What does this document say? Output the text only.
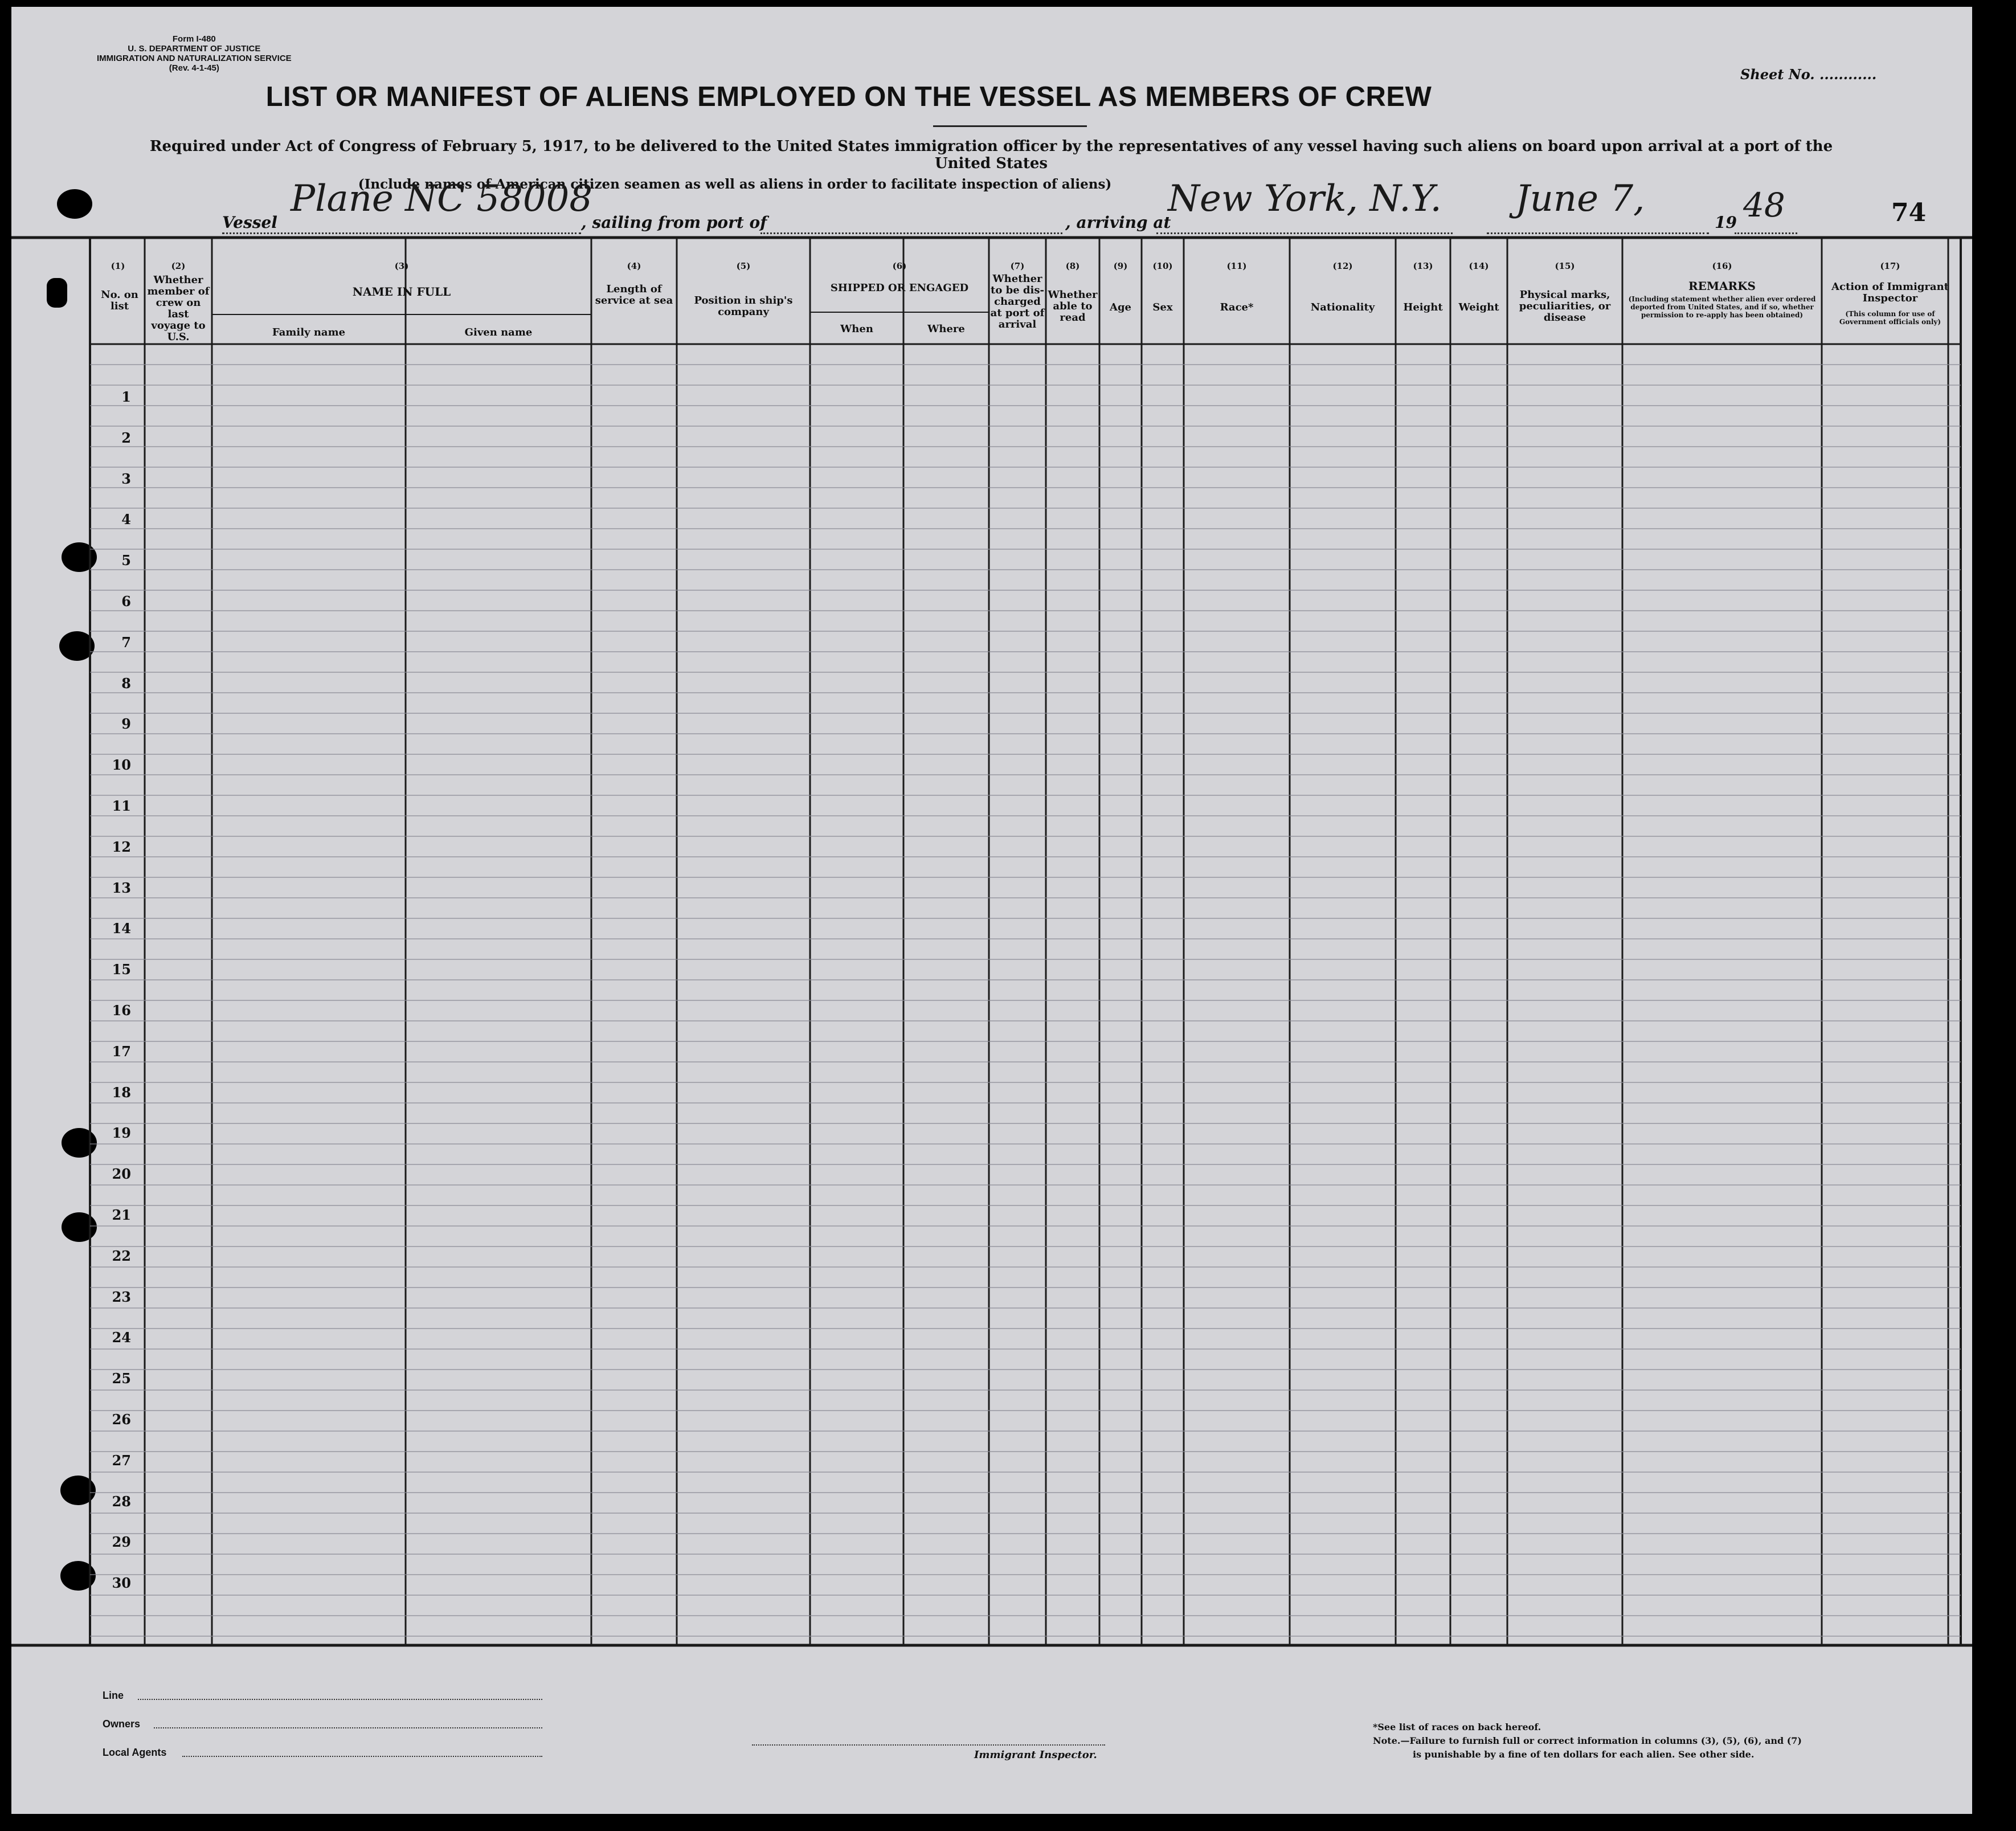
Form I-480
U. S. DEPARTMENT OF JUSTICE
IMMIGRATION AND NATURALIZATION SERVICE
(Rev. 4-1-45)	Sheet No. ............
LIST OR MANIFEST OF ALIENS EMPLOYED ON THE VESSEL AS MEMBERS OF CREW
Required under Act of Congress of February 5, 1917, to be delivered to the United States immigration officer by the representatives of any vessel having such aliens on board upon arrival at a port of the United States
(Include names of American citizen seamen as well as aliens in order to facilitate inspection of aliens)
Vessel
Plane NC 58008
, sailing from port of	, arriving at
New York, N.Y. June 7,
19 48	74
(1)
No. on list
(2)
Whether member of crew on last voyage to U.S.
(3)
NAME IN FULL
Family name	Given name
(4)
Length of service at sea
(5)
Position in ship's company
(6)
SHIPPED OR ENGAGED
When	Where
(7)
Whether to be dis-charged at port of arrival
(8)
Whether able to read
(9)
Age
(10)
Sex
(11)
Race*
(12)
Nationality
(13)
Height
(14)
Weight
(15)
Physical marks, peculiarities, or disease
(16)
REMARKS
(Including statement whether alien ever ordered deported from United States, and if so, whether permission to re-apply has been obtained)
(17)
Action of Immigrant Inspector
(This column for use of Government officials only)
1
2
3
4
5
6
7
8
9
10
11
12
13
14
15
16
17
18
19
20
21
22
23
24
25
26
27
28
29
30
Line
Owners
Local Agents	Immigrant Inspector.
*See list of races on back hereof.
Note.—Failure to furnish full or correct information in columns (3), (5), (6), and (7)
is punishable by a fine of ten dollars for each alien. See other side.
